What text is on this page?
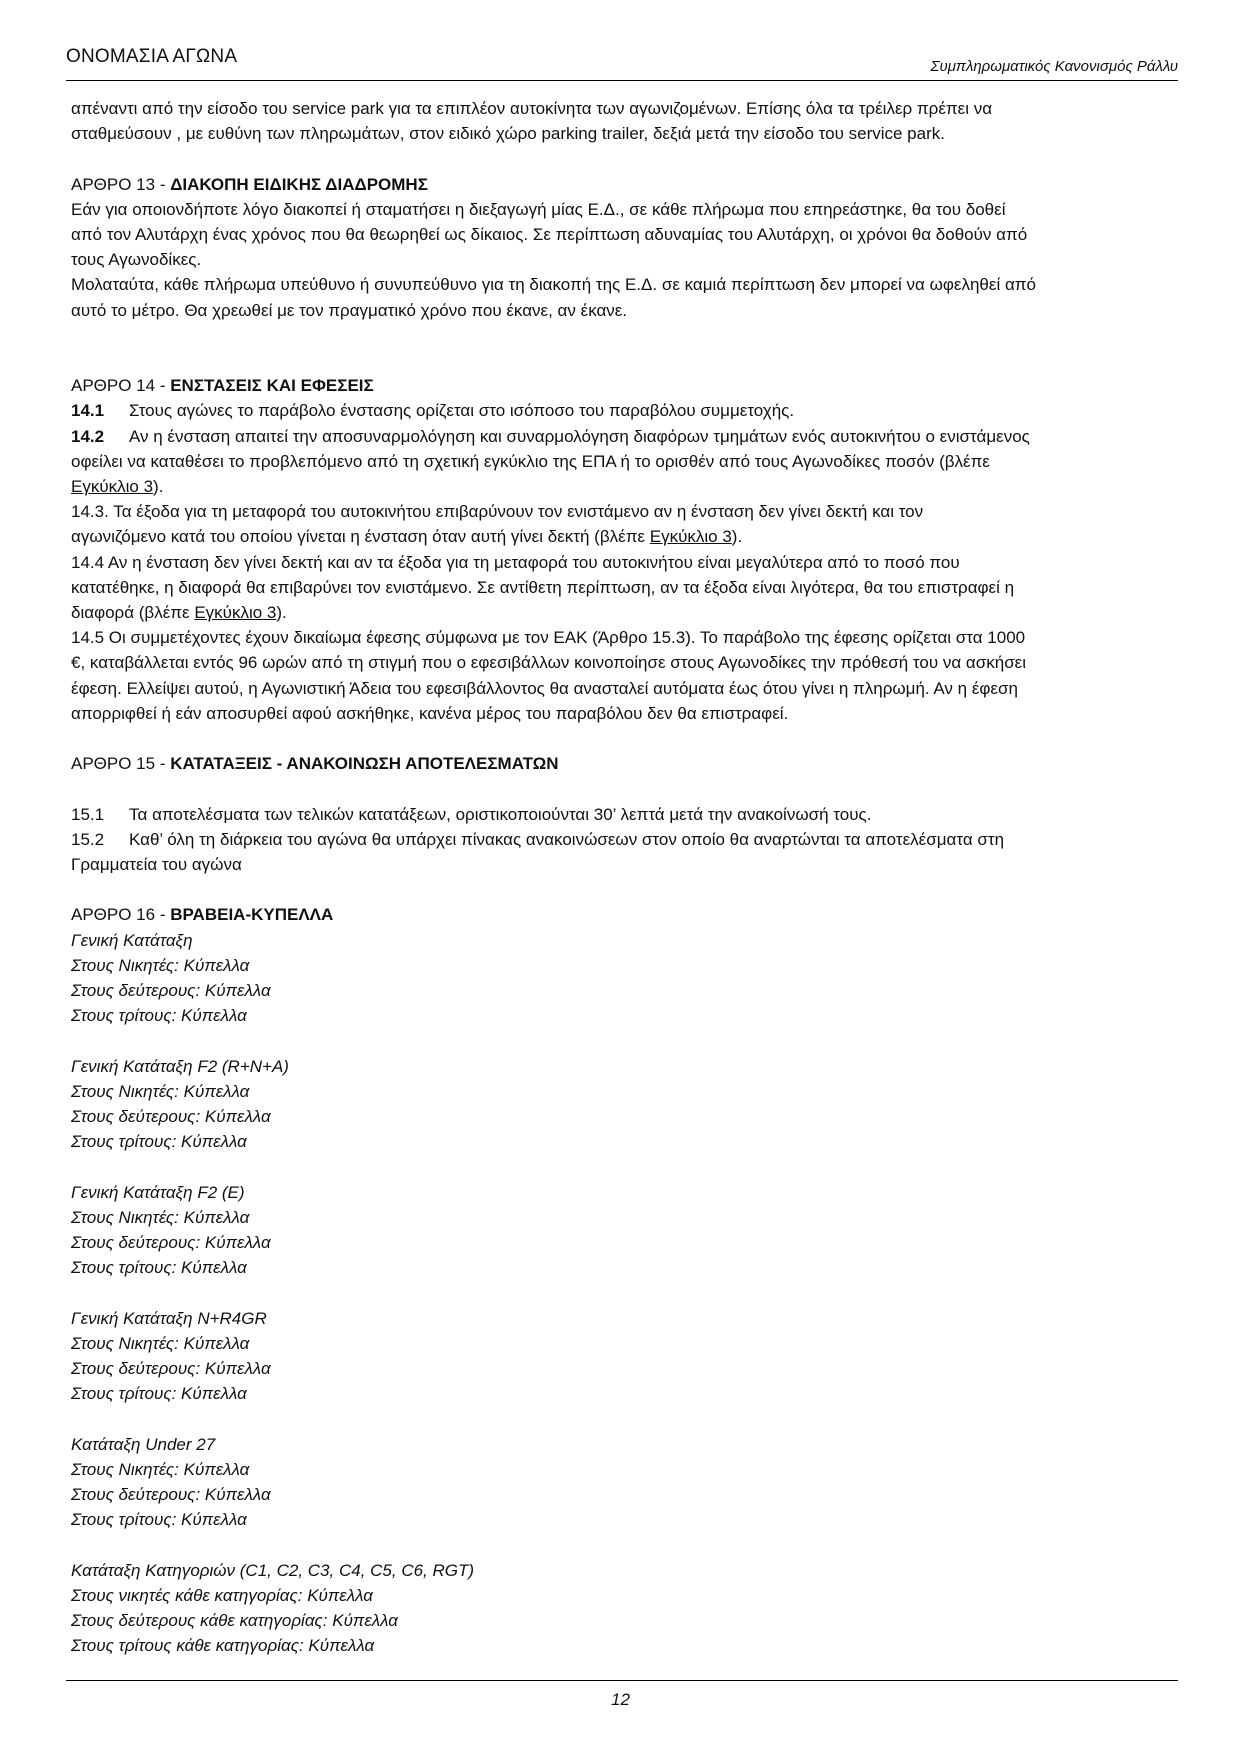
ΟΝΟΜΑΣΙΑ ΑΓΩΝΑ	Συμπληρωματικός Κανονισμός Ράλλυ
απέναντι από την είσοδο του service park για τα επιπλέον αυτοκίνητα των αγωνιζομένων. Επίσης όλα τα τρέιλερ πρέπει να
σταθμεύσουν , με ευθύνη των πληρωμάτων, στον ειδικό χώρο parking trailer, δεξιά μετά την είσοδο του service park.
ΑΡΘΡΟ 13 - ΔΙΑΚΟΠΗ ΕΙΔΙΚΗΣ ΔΙΑΔΡΟΜΗΣ
Εάν για οποιονδήποτε λόγο διακοπεί ή σταματήσει η διεξαγωγή μίας Ε.Δ., σε κάθε πλήρωμα που επηρεάστηκε, θα του δοθεί
από τον Αλυτάρχη ένας χρόνος που θα θεωρηθεί ως δίκαιος. Σε περίπτωση αδυναμίας του Αλυτάρχη, οι χρόνοι θα δοθούν από
τους Αγωνοδίκες.
Μολαταύτα, κάθε πλήρωμα υπεύθυνο ή συνυπεύθυνο για τη διακοπή της Ε.Δ. σε καμιά περίπτωση δεν μπορεί να ωφεληθεί από
αυτό το μέτρο. Θα χρεωθεί με τον πραγματικό χρόνο που έκανε, αν έκανε.
ΑΡΘΡΟ 14 - ΕΝΣΤΑΣΕΙΣ ΚΑΙ ΕΦΕΣΕΙΣ
14.1 Στους αγώνες το παράβολο ένστασης ορίζεται στο ισόποσο του παραβόλου συμμετοχής.
14.2 Αν η ένσταση απαιτεί την αποσυναρμολόγηση και συναρμολόγηση διαφόρων τμημάτων ενός αυτοκινήτου ο ενιστάμενος
οφείλει να καταθέσει το προβλεπόμενο από τη σχετική εγκύκλιο της ΕΠΑ ή το ορισθέν από τους Αγωνοδίκες ποσόν (βλέπε
Εγκύκλιο 3).
14.3. Τα έξοδα για τη μεταφορά του αυτοκινήτου επιβαρύνουν τον ενιστάμενο αν η ένσταση δεν γίνει δεκτή και τον
αγωνιζόμενο κατά του οποίου γίνεται η ένσταση όταν αυτή γίνει δεκτή (βλέπε Εγκύκλιο 3).
14.4 Αν η ένσταση δεν γίνει δεκτή και αν τα έξοδα για τη μεταφορά του αυτοκινήτου είναι μεγαλύτερα από το ποσό που
κατατέθηκε, η διαφορά θα επιβαρύνει τον ενιστάμενο. Σε αντίθετη περίπτωση, αν τα έξοδα είναι λιγότερα, θα του επιστραφεί η
διαφορά (βλέπε Εγκύκλιο 3).
14.5 Οι συμμετέχοντες έχουν δικαίωμα έφεσης σύμφωνα με τον ΕΑΚ (Άρθρο 15.3). Το παράβολο της έφεσης ορίζεται στα 1000
€, καταβάλλεται εντός 96 ωρών από τη στιγμή που ο εφεσιβάλλων κοινοποίησε στους Αγωνοδίκες την πρόθεσή του να ασκήσει
έφεση. Ελλείψει αυτού, η Αγωνιστική Άδεια του εφεσιβάλλοντος θα ανασταλεί αυτόματα έως ότου γίνει η πληρωμή. Αν η έφεση
απορριφθεί ή εάν αποσυρθεί αφού ασκήθηκε, κανένα μέρος του παραβόλου δεν θα επιστραφεί.
ΑΡΘΡΟ 15 - ΚΑΤΑΤΑΞΕΙΣ - ΑΝΑΚΟΙΝΩΣΗ ΑΠΟΤΕΛΕΣΜΑΤΩΝ
15.1 Τα αποτελέσματα των τελικών κατατάξεων, οριστικοποιούνται 30’ λεπτά μετά την ανακοίνωσή τους.
15.2 Καθ’ όλη τη διάρκεια του αγώνα θα υπάρχει πίνακας ανακοινώσεων στον οποίο θα αναρτώνται τα αποτελέσματα στη
Γραμματεία του αγώνα
ΑΡΘΡΟ 16 - ΒΡΑΒΕΙΑ-ΚΥΠΕΛΛΑ
Γενική Κατάταξη
Στους Νικητές: Κύπελλα
Στους δεύτερους: Κύπελλα
Στους τρίτους: Κύπελλα
Γενική Κατάταξη F2 (R+N+A)
Στους Νικητές: Κύπελλα
Στους δεύτερους: Κύπελλα
Στους τρίτους: Κύπελλα
Γενική Κατάταξη F2 (E)
Στους Νικητές: Κύπελλα
Στους δεύτερους: Κύπελλα
Στους τρίτους: Κύπελλα
Γενική Κατάταξη N+R4GR
Στους Νικητές: Κύπελλα
Στους δεύτερους: Κύπελλα
Στους τρίτους: Κύπελλα
Κατάταξη Under 27
Στους Νικητές: Κύπελλα
Στους δεύτερους: Κύπελλα
Στους τρίτους: Κύπελλα
Κατάταξη Κατηγοριών (C1, C2, C3, C4, C5, C6, RGT)
Στους νικητές κάθε κατηγορίας: Κύπελλα
Στους δεύτερους κάθε κατηγορίας: Κύπελλα
Στους τρίτους κάθε κατηγορίας: Κύπελλα
12
